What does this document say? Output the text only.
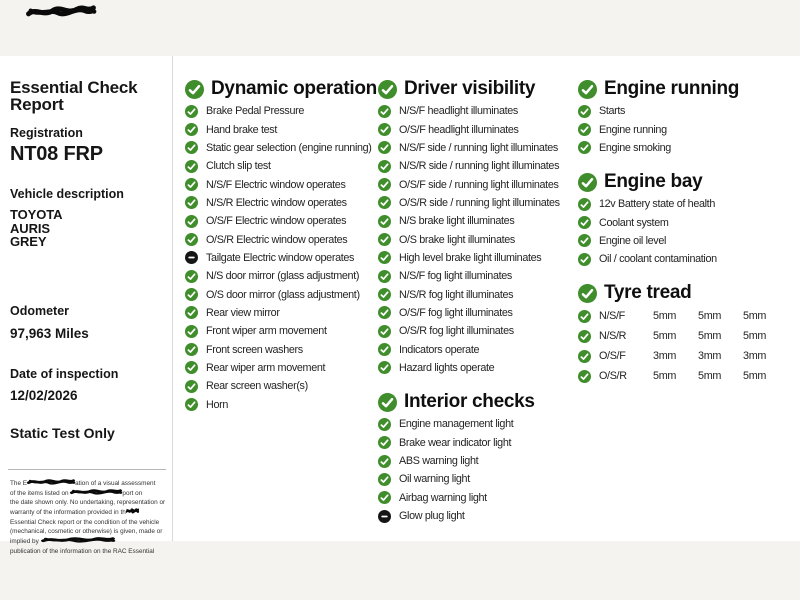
Essential Check Report
Registration
NT08 FRP
Vehicle description
TOYOTA
AURIS
GREY
Odometer
97,963 Miles
Date of inspection
12/02/2026
Static Test Only
The E	ation of a visual assessment
of the items listed on	port on
the date shown only. No undertaking, representation or
warranty of the information provided in th
Essential Check report or the condition of the vehicle
(mechanical, cosmetic or otherwise) is given, made or
implied by
publication of the information on the RAC Essential
Dynamic operation
Brake Pedal Pressure
Hand brake test
Static gear selection (engine running)
Clutch slip test
N/S/F Electric window operates
N/S/R Electric window operates
O/S/F Electric window operates
O/S/R Electric window operates
Tailgate Electric window operates
N/S door mirror (glass adjustment)
O/S door mirror (glass adjustment)
Rear view mirror
Front wiper arm movement
Front screen washers
Rear wiper arm movement
Rear screen washer(s)
Horn
Driver visibility
N/S/F headlight illuminates
O/S/F headlight illuminates
N/S/F side / running light illuminates
N/S/R side / running light illuminates
O/S/F side / running light illuminates
O/S/R side / running light illuminates
N/S brake light illuminates
O/S brake light illuminates
High level brake light illuminates
N/S/F fog light illuminates
N/S/R fog light illuminates
O/S/F fog light illuminates
O/S/R fog light illuminates
Indicators operate
Hazard lights operate
Interior checks
Engine management light
Brake wear indicator light
ABS warning light
Oil warning light
Airbag warning light
Glow plug light
Engine running
Starts
Engine running
Engine smoking
Engine bay
12v Battery state of health
Coolant system
Engine oil level
Oil / coolant contamination
Tyre tread
N/S/F	5mm	5mm	5mm
N/S/R	5mm	5mm	5mm
O/S/F	3mm	3mm	3mm
O/S/R	5mm	5mm	5mm
